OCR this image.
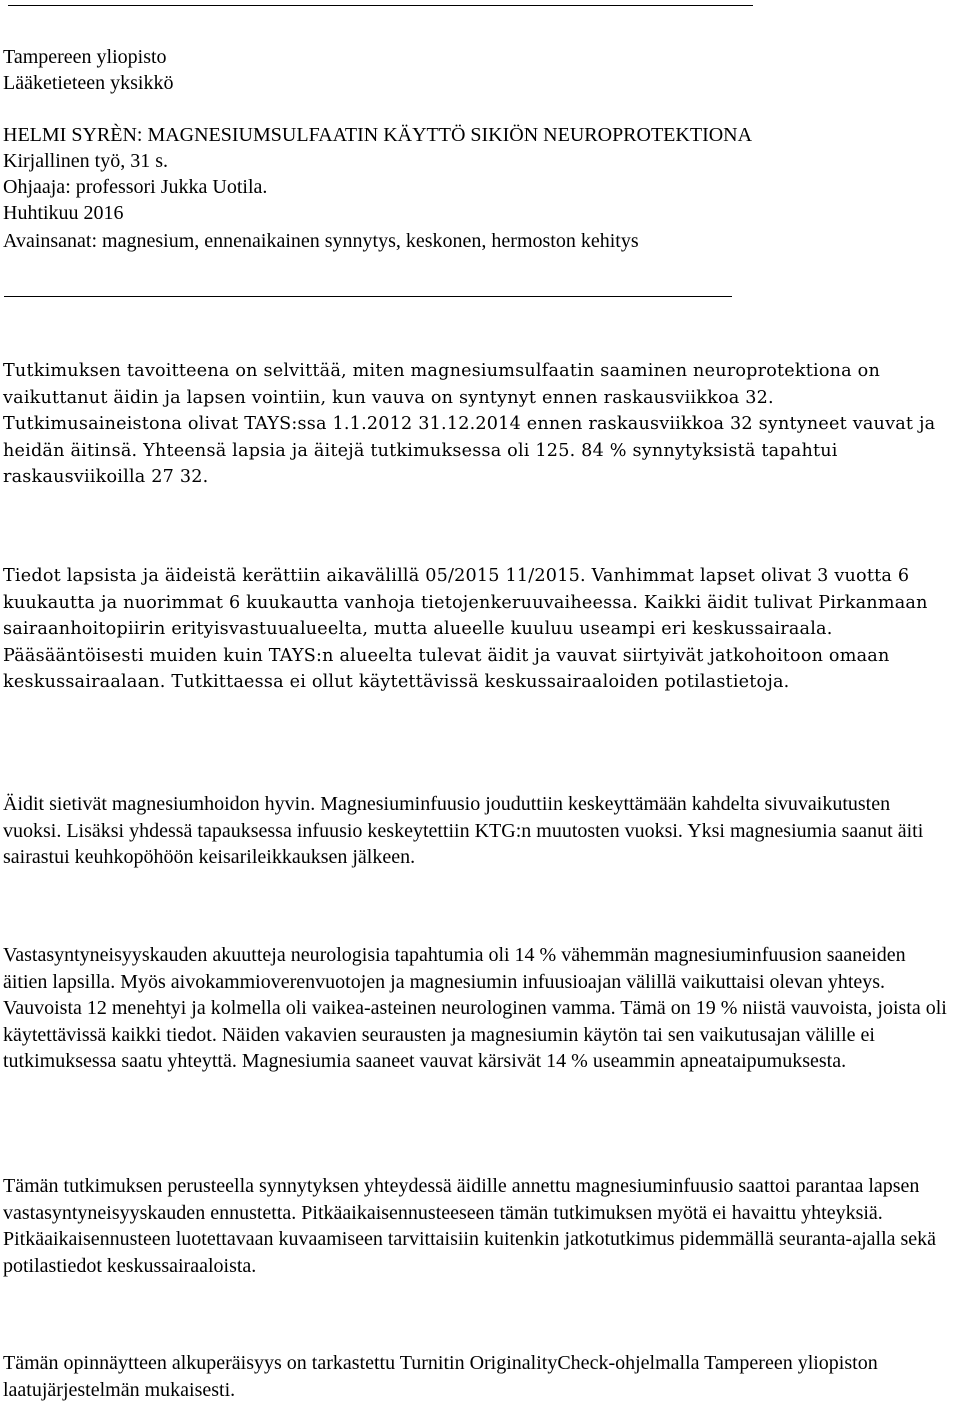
Tampereen yliopisto
Lääketieteen yksikkö
HELMI SYRÈN: MAGNESIUMSULFAATIN KÄYTTÖ SIKIÖN NEUROPROTEKTIONA
Kirjallinen työ, 31 s.
Ohjaaja: professori Jukka Uotila.
Huhtikuu 2016
Avainsanat: magnesium, ennenaikainen synnytys, keskonen, hermoston kehitys
Tutkimuksen tavoitteena on selvittää, miten magnesiumsulfaatin saaminen neuroprotektiona on vaikuttanut äidin ja lapsen vointiin, kun vauva on syntynyt ennen raskausviikkoa 32. Tutkimusaineistona olivat TAYS:ssa 1.1.2012 31.12.2014 ennen raskausviikkoa 32 syntyneet vauvat ja heidän äitinsä. Yhteensä lapsia ja äitejä tutkimuksessa oli 125. 84 % synnytyksistä tapahtui raskausviikoilla 27 32.
Tiedot lapsista ja äideistä kerättiin aikavälillä 05/2015 11/2015. Vanhimmat lapset olivat 3 vuotta 6 kuukautta ja nuorimmat 6 kuukautta vanhoja tietojenkeruuvaiheessa. Kaikki äidit tulivat Pirkanmaan sairaanhoitopiirin erityisvastuualueelta, mutta alueelle kuuluu useampi eri keskussairaala. Pääsääntöisesti muiden kuin TAYS:n alueelta tulevat äidit ja vauvat siirtyivät jatkohoitoon omaan keskussairaalaan. Tutkittaessa ei ollut käytettävissä keskussairaaloiden potilastietoja.
Äidit sietivät magnesiumhoidon hyvin. Magnesiuminfuusio jouduttiin keskeyttämään kahdelta sivuvaikutusten vuoksi. Lisäksi yhdessä tapauksessa infuusio keskeytettiin KTG:n muutosten vuoksi. Yksi magnesiumia saanut äiti sairastui keuhkopöhöön keisarileikkauksen jälkeen.
Vastasyntyneisyyskauden akuutteja neurologisia tapahtumia oli 14 % vähemmän magnesiuminfuusion saaneiden äitien lapsilla. Myös aivokammioverenvuotojen ja magnesiumin infuusioajan välillä vaikuttaisi olevan yhteys. Vauvoista 12 menehtyi ja kolmella oli vaikea-asteinen neurologinen vamma. Tämä on 19 % niistä vauvoista, joista oli käytettävissä kaikki tiedot. Näiden vakavien seurausten ja magnesiumin käytön tai sen vaikutusajan välille ei tutkimuksessa saatu yhteyttä. Magnesiumia saaneet vauvat kärsivät 14 % useammin apneataipumuksesta.
Tämän tutkimuksen perusteella synnytyksen yhteydessä äidille annettu magnesiuminfuusio saattoi parantaa lapsen vastasyntyneisyyskauden ennustetta. Pitkäaikaisennusteeseen tämän tutkimuksen myötä ei havaittu yhteyksiä. Pitkäaikaisennusteen luotettavaan kuvaamiseen tarvittaisiin kuitenkin jatkotutkimus pidemmällä seuranta-ajalla sekä potilastiedot keskussairaaloista.
Tämän opinnäytteen alkuperäisyys on tarkastettu Turnitin OriginalityCheck-ohjelmalla Tampereen yliopiston laatujärjestelmän mukaisesti.
